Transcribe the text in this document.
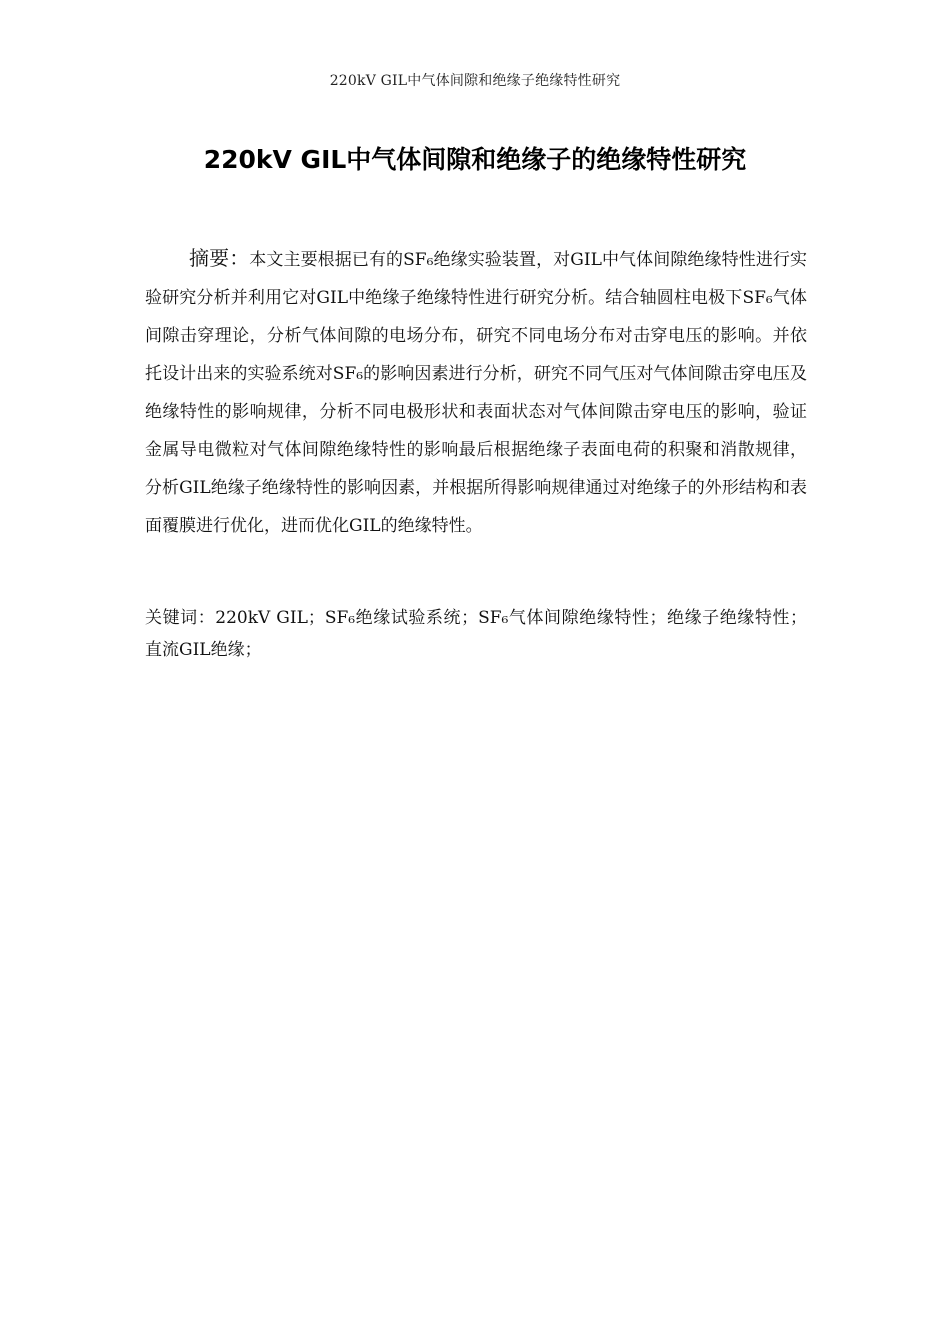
220kV GIL中气体间隙和绝缘子绝缘特性研究
220kV GIL中气体间隙和绝缘子的绝缘特性研究

摘要：本文主要根据已有的SF₆绝缘实验装置，对GIL中气体间隙绝缘特性进行实验研究分析并利用它对GIL中绝缘子绝缘特性进行研究分析。结合轴圆柱电极下SF₆气体间隙击穿理论，分析气体间隙的电场分布，研究不同电场分布对击穿电压的影响。并依托设计出来的实验系统对SF₆的影响因素进行分析，研究不同气压对气体间隙击穿电压及绝缘特性的影响规律，分析不同电极形状和表面状态对气体间隙击穿电压的影响，验证金属导电微粒对气体间隙绝缘特性的影响最后根据绝缘子表面电荷的积聚和消散规律，分析GIL绝缘子绝缘特性的影响因素，并根据所得影响规律通过对绝缘子的外形结构和表面覆膜进行优化，进而优化GIL的绝缘特性。

关键词：220kV GIL；SF₆绝缘试验系统；SF₆气体间隙绝缘特性；绝缘子绝缘特性；直流GIL绝缘；
